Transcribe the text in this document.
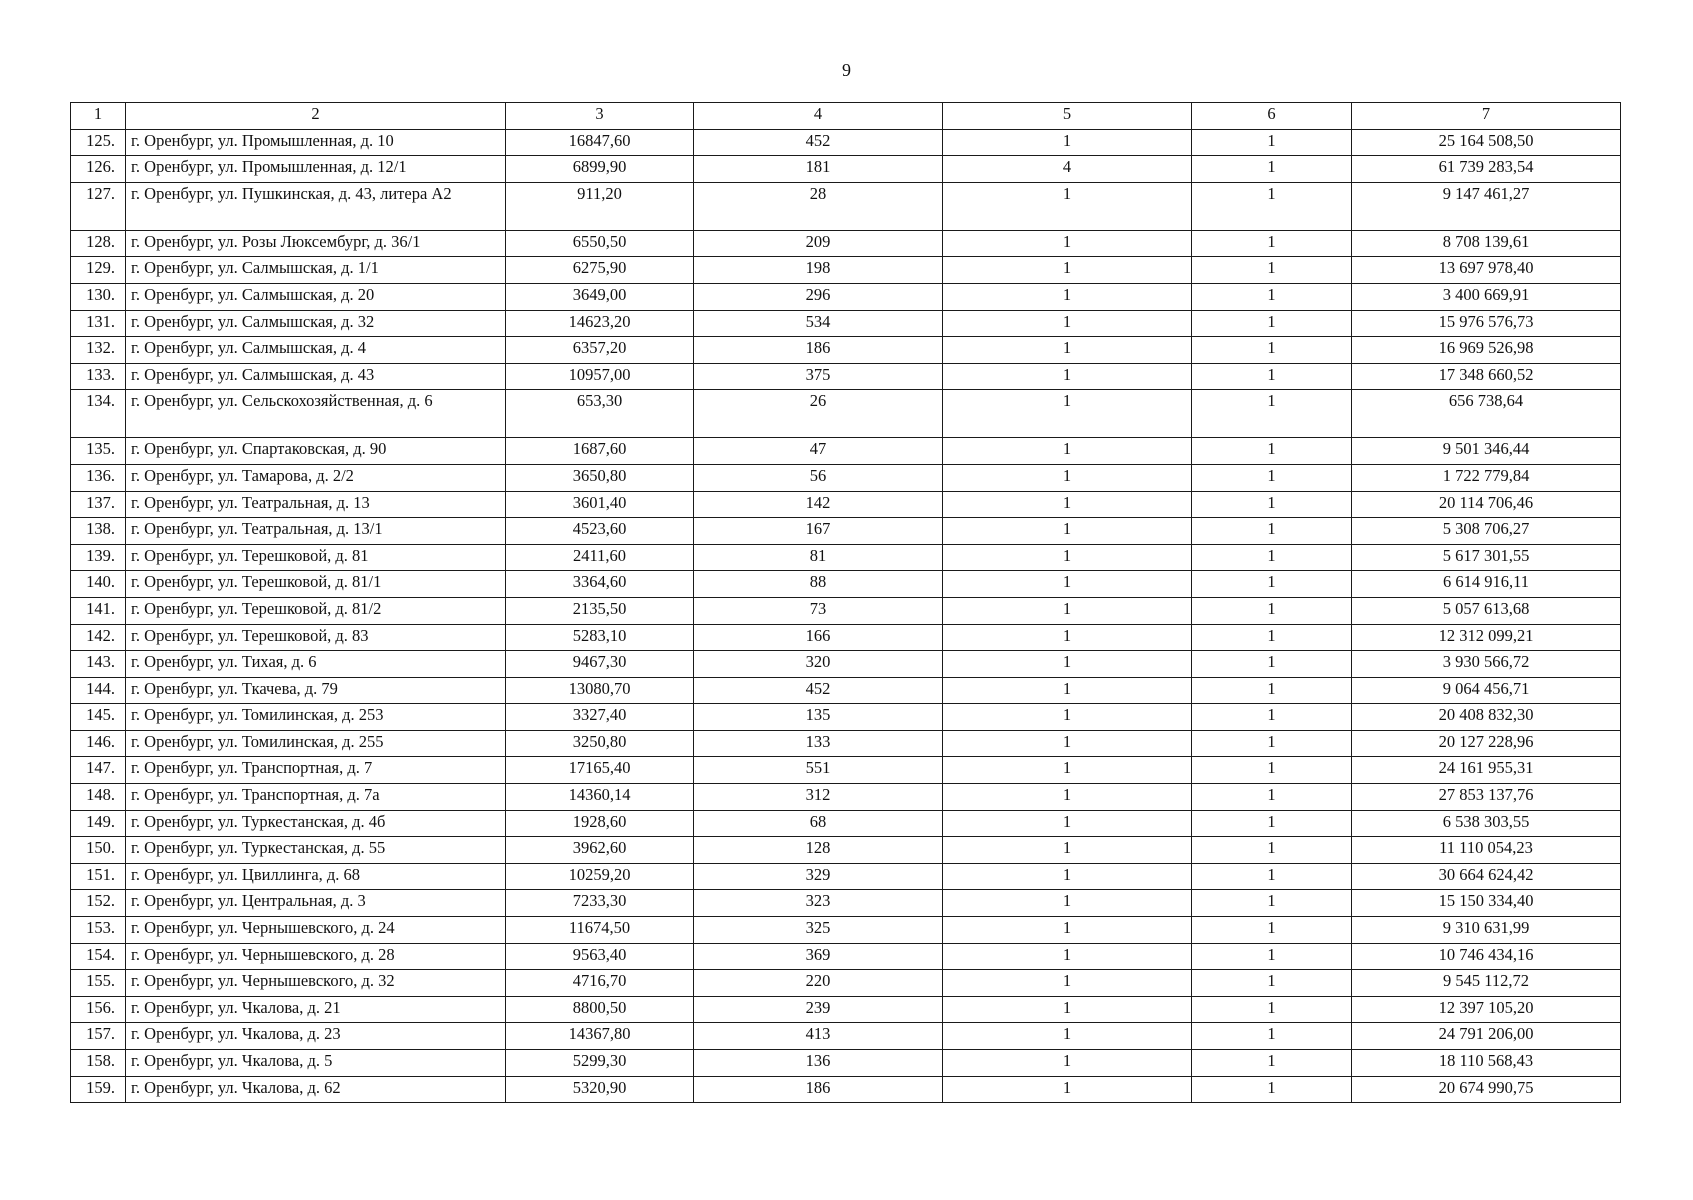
9
1	2	3	4	5	6	7
125.	г. Оренбург, ул. Промышленная, д. 10	16847,60	452	1	1	25 164 508,50
126.	г. Оренбург, ул. Промышленная, д. 12/1	6899,90	181	4	1	61 739 283,54
127.	г. Оренбург, ул. Пушкинская, д. 43, литера А2	911,20	28	1	1	9 147 461,27
128.	г. Оренбург, ул. Розы Люксембург, д. 36/1	6550,50	209	1	1	8 708 139,61
129.	г. Оренбург, ул. Салмышская, д. 1/1	6275,90	198	1	1	13 697 978,40
130.	г. Оренбург, ул. Салмышская, д. 20	3649,00	296	1	1	3 400 669,91
131.	г. Оренбург, ул. Салмышская, д. 32	14623,20	534	1	1	15 976 576,73
132.	г. Оренбург, ул. Салмышская, д. 4	6357,20	186	1	1	16 969 526,98
133.	г. Оренбург, ул. Салмышская, д. 43	10957,00	375	1	1	17 348 660,52
134.	г. Оренбург, ул. Сельскохозяйственная, д. 6	653,30	26	1	1	656 738,64
135.	г. Оренбург, ул. Спартаковская, д. 90	1687,60	47	1	1	9 501 346,44
136.	г. Оренбург, ул. Тамарова, д. 2/2	3650,80	56	1	1	1 722 779,84
137.	г. Оренбург, ул. Театральная, д. 13	3601,40	142	1	1	20 114 706,46
138.	г. Оренбург, ул. Театральная, д. 13/1	4523,60	167	1	1	5 308 706,27
139.	г. Оренбург, ул. Терешковой, д. 81	2411,60	81	1	1	5 617 301,55
140.	г. Оренбург, ул. Терешковой, д. 81/1	3364,60	88	1	1	6 614 916,11
141.	г. Оренбург, ул. Терешковой, д. 81/2	2135,50	73	1	1	5 057 613,68
142.	г. Оренбург, ул. Терешковой, д. 83	5283,10	166	1	1	12 312 099,21
143.	г. Оренбург, ул. Тихая, д. 6	9467,30	320	1	1	3 930 566,72
144.	г. Оренбург, ул. Ткачева, д. 79	13080,70	452	1	1	9 064 456,71
145.	г. Оренбург, ул. Томилинская, д. 253	3327,40	135	1	1	20 408 832,30
146.	г. Оренбург, ул. Томилинская, д. 255	3250,80	133	1	1	20 127 228,96
147.	г. Оренбург, ул. Транспортная, д. 7	17165,40	551	1	1	24 161 955,31
148.	г. Оренбург, ул. Транспортная, д. 7а	14360,14	312	1	1	27 853 137,76
149.	г. Оренбург, ул. Туркестанская, д. 4б	1928,60	68	1	1	6 538 303,55
150.	г. Оренбург, ул. Туркестанская, д. 55	3962,60	128	1	1	11 110 054,23
151.	г. Оренбург, ул. Цвиллинга, д. 68	10259,20	329	1	1	30 664 624,42
152.	г. Оренбург, ул. Центральная, д. 3	7233,30	323	1	1	15 150 334,40
153.	г. Оренбург, ул. Чернышевского, д. 24	11674,50	325	1	1	9 310 631,99
154.	г. Оренбург, ул. Чернышевского, д. 28	9563,40	369	1	1	10 746 434,16
155.	г. Оренбург, ул. Чернышевского, д. 32	4716,70	220	1	1	9 545 112,72
156.	г. Оренбург, ул. Чкалова, д. 21	8800,50	239	1	1	12 397 105,20
157.	г. Оренбург, ул. Чкалова, д. 23	14367,80	413	1	1	24 791 206,00
158.	г. Оренбург, ул. Чкалова, д. 5	5299,30	136	1	1	18 110 568,43
159.	г. Оренбург, ул. Чкалова, д. 62	5320,90	186	1	1	20 674 990,75
